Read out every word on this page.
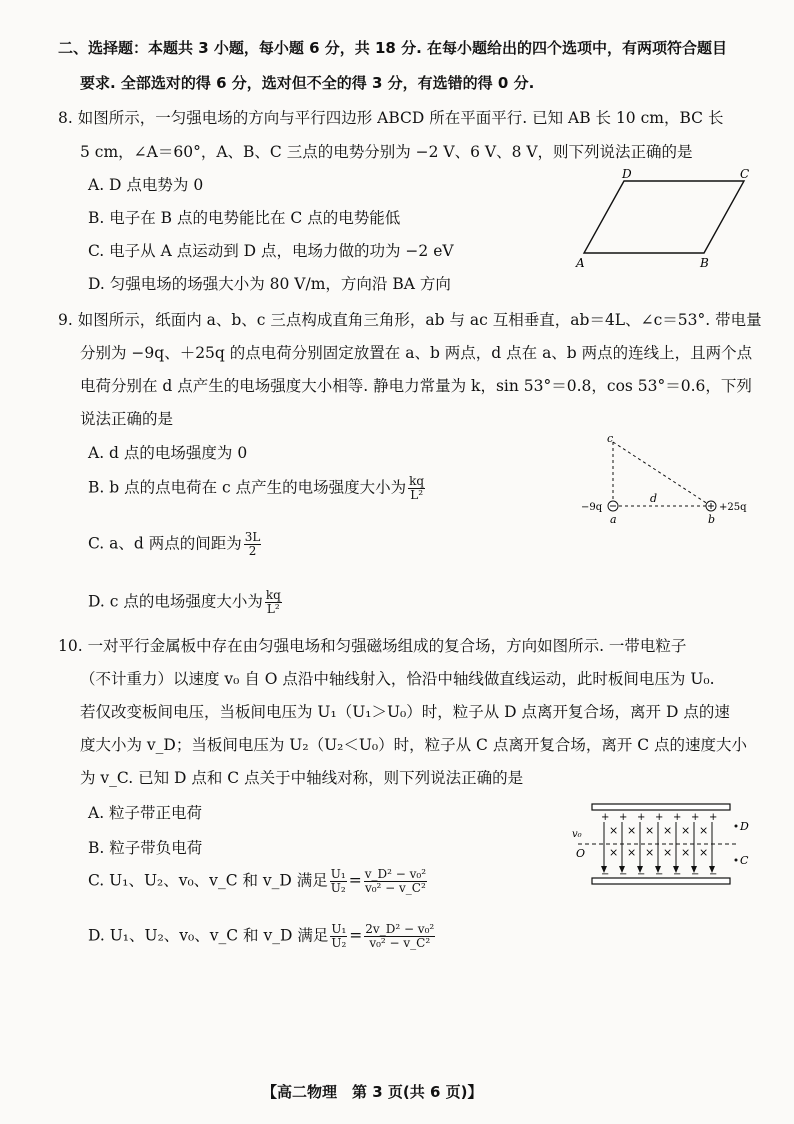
二、选择题：本题共 3 小题，每小题 6 分，共 18 分. 在每小题给出的四个选项中，有两项符合题目
要求. 全部选对的得 6 分，选对但不全的得 3 分，有选错的得 0 分.
8. 如图所示，一匀强电场的方向与平行四边形 ABCD 所在平面平行. 已知 AB 长 10 cm，BC 长
5 cm，∠A＝60°，A、B、C 三点的电势分别为 −2 V、6 V、8 V，则下列说法正确的是
A. D 点电势为 0
B. 电子在 B 点的电势能比在 C 点的电势能低
C. 电子从 A 点运动到 D 点，电场力做的功为 −2 eV
D. 匀强电场的场强大小为 80 V/m，方向沿 BA 方向
A	B
C
D
9. 如图所示，纸面内 a、b、c 三点构成直角三角形，ab 与 ac 互相垂直，ab＝4L、∠c＝53°. 带电量
分别为 −9q、＋25q 的点电荷分别固定放置在 a、b 两点，d 点在 a、b 两点的连线上，且两个点
电荷分别在 d 点产生的电场强度大小相等. 静电力常量为 k，sin 53°＝0.8，cos 53°＝0.6，下列
说法正确的是
A. d 点的电场强度为 0
B. b 点的点电荷在 c 点产生的电场强度大小为 $\frac{kq}{\text{L²}}$
C. a、d 两点的间距为 $\frac{3L}{2}$
D. c 点的电场强度大小为 $\frac{kq}{\text{L²}}$
c
a	b
d
−9q	+25q
10. 一对平行金属板中存在由匀强电场和匀强磁场组成的复合场，方向如图所示. 一带电粒子
（不计重力）以速度 v₀ 自 O 点沿中轴线射入，恰沿中轴线做直线运动，此时板间电压为 U₀.
若仅改变板间电压，当板间电压为 U₁（U₁＞U₀）时，粒子从 D 点离开复合场，离开 D 点的速
度大小为 v_D；当板间电压为 U₂（U₂＜U₀）时，粒子从 C 点离开复合场，离开 C 点的速度大小
为 v_C. 已知 D 点和 C 点关于中轴线对称，则下列说法正确的是
A. 粒子带正电荷
B. 粒子带负电荷
C. U₁、U₂、v₀、v_C 和 v_D 满足 $\frac{\text{U₁}}{\text{U₂}} = \frac{\text{v\_D² − v₀²}}{\text{v₀² − v\_C²}}$
D. U₁、U₂、v₀、v_C 和 v_D 满足 $\frac{\text{U₁}}{\text{U₂}} = \frac{\text{2v\_D² − v₀²}}{\text{v₀² − v\_C²}}$
+
−
×
×
+
−
×
×
+
−
×
×
+
−
×
×
+
−
×
×
+
−
×
×
+
−
v₀
O
D
C
【高二物理　第 3 页(共 6 页)】
